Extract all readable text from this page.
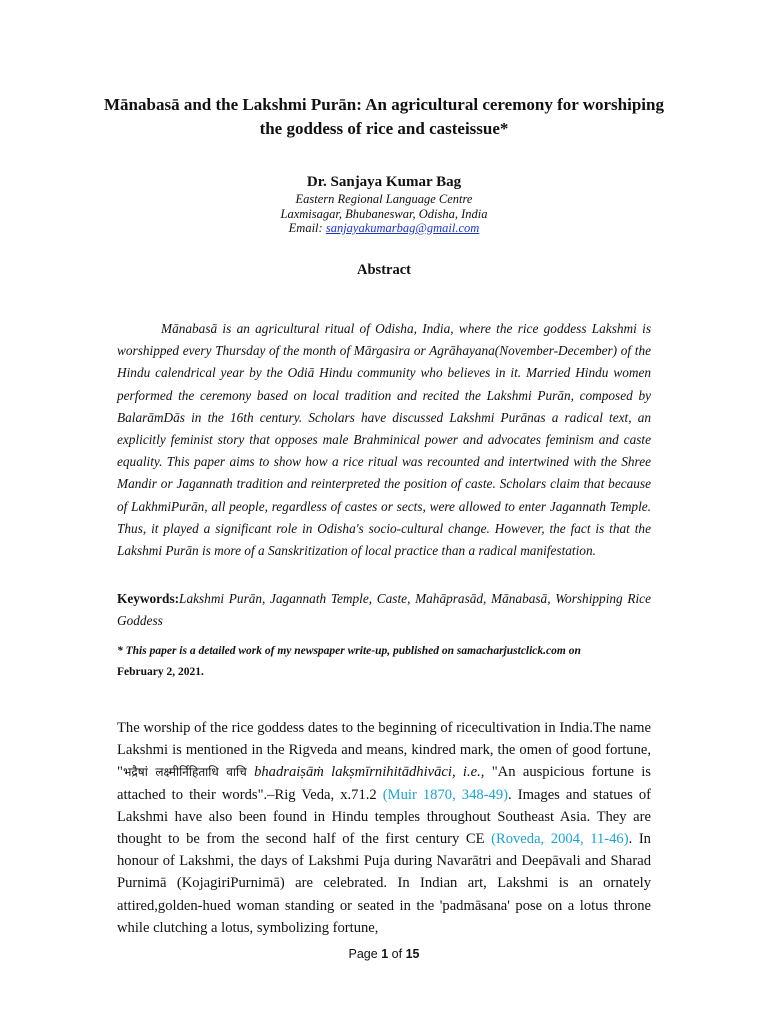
Mānabasā and the Lakshmi Purān: An agricultural ceremony for worshiping the goddess of rice and casteissue*
Dr. Sanjaya Kumar Bag
Eastern Regional Language Centre
Laxmisagar, Bhubaneswar, Odisha, India
Email: sanjayakumarbag@gmail.com
Abstract

Mānabasā is an agricultural ritual of Odisha, India, where the rice goddess Lakshmi is worshipped every Thursday of the month of Mārgasira or Agrāhayana(November-December) of the Hindu calendrical year by the Odiā Hindu community who believes in it. Married Hindu women performed the ceremony based on local tradition and recited the Lakshmi Purān, composed by BalarāmDās in the 16th century. Scholars have discussed Lakshmi Purānas a radical text, an explicitly feminist story that opposes male Brahminical power and advocates feminism and caste equality. This paper aims to show how a rice ritual was recounted and intertwined with the Shree Mandir or Jagannath tradition and reinterpreted the position of caste. Scholars claim that because of LakhmiPurān, all people, regardless of castes or sects, were allowed to enter Jagannath Temple. Thus, it played a significant role in Odisha's socio-cultural change. However, the fact is that the Lakshmi Purān is more of a Sanskritization of local practice than a radical manifestation.

Keywords:Lakshmi Purān, Jagannath Temple, Caste, Mahāprasād, Mānabasā, Worshipping Rice Goddess
* This paper is a detailed work of my newspaper write-up, published on samacharjustclick.com on
February 2, 2021.
The worship of the rice goddess dates to the beginning of ricecultivation in India.The name Lakshmi is mentioned in the Rigveda and means, kindred mark, the omen of good fortune, "भद्रैषां लक्ष्मीर्निहिताधि वाचि bhadraiṣāṁ lakṣmīrnihitādhivāci, i.e., "An auspicious fortune is attached to their words".–Rig Veda, x.71.2 (Muir 1870, 348-49). Images and statues of Lakshmi have also been found in Hindu temples throughout Southeast Asia. They are thought to be from the second half of the first century CE (Roveda, 2004, 11-46). In honour of Lakshmi, the days of Lakshmi Puja during Navarātri and Deepāvali and Sharad Purnimā (KojagiriPurnimā) are celebrated. In Indian art, Lakshmi is an ornately attired,golden-hued woman standing or seated in the 'padmāsana' pose on a lotus throne while clutching a lotus, symbolizing fortune,
Page 1 of 15
